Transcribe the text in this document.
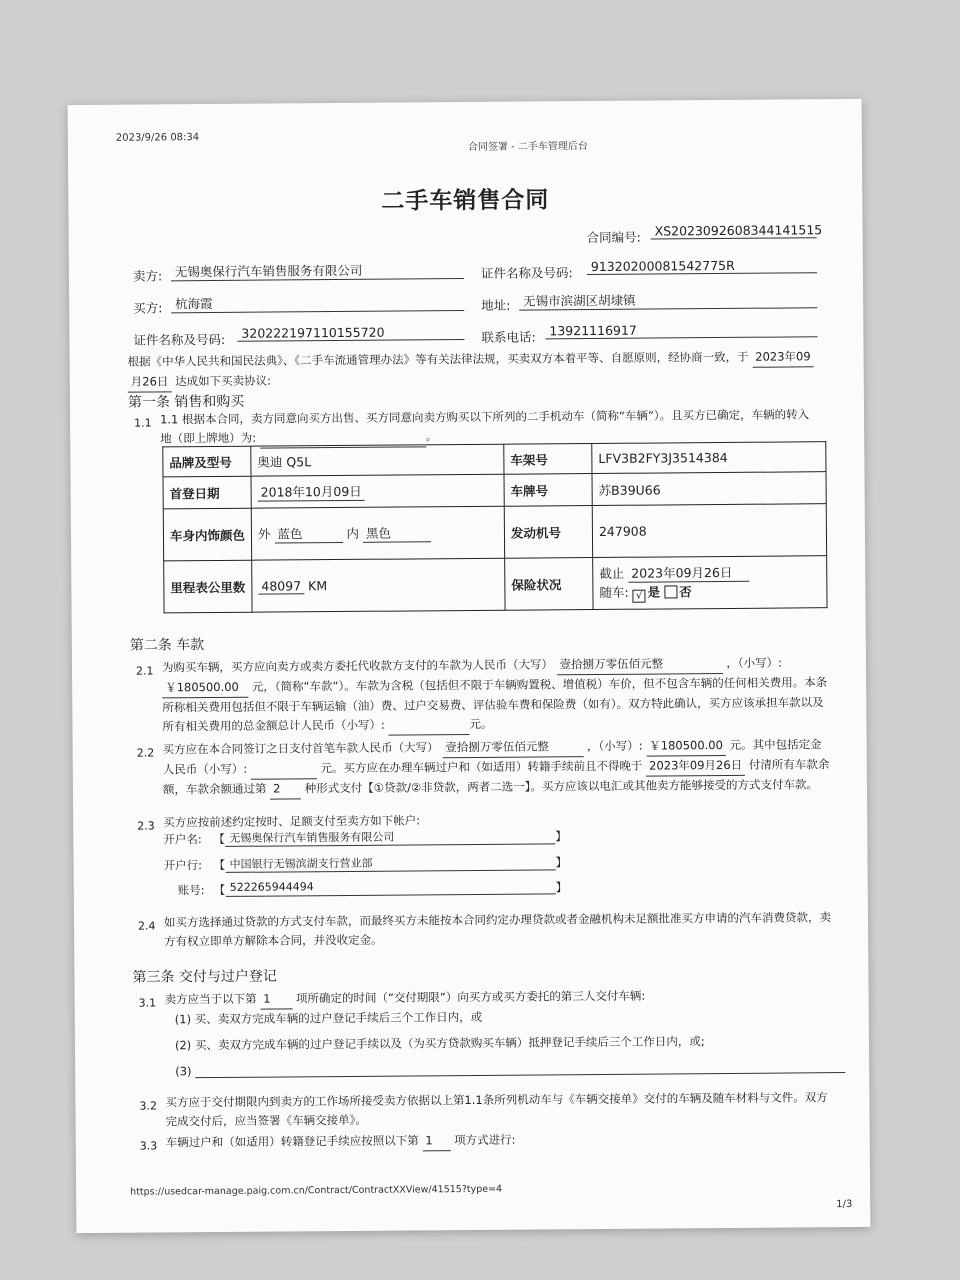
2023/9/26 08:34
合同签署 - 二手车管理后台
二手车销售合同
合同编号:	XS2023092608344141515
卖方:	无锡奥保行汽车销售服务有限公司	证件名称及号码:	91320200081542775R
买方:	杭海霞	地址:	无锡市滨湖区胡埭镇
证件名称及号码:	320222197110155720	联系电话:	13921116917
根据《中华人民共和国民法典》、《二手车流通管理办法》等有关法律法规，买卖双方本着平等、自愿原则，经协商一致，于 2023年09
月26日 达成如下买卖协议:
第一条 销售和购买
1.1 1.1 根据本合同，卖方同意向买方出售、买方同意向卖方购买以下所列的二手机动车（简称“车辆”）。且买方已确定，车辆的转入
地（即上牌地）为:	。
品牌及型号	奥迪 Q5L	车架号	LFV3B2FY3J3514384
首登日期	2018年10月09日	车牌号	苏B39U66
车身内饰颜色	外 蓝色 内 黑色	发动机号	247908
里程表公里数	48097 KM	保险状况	截止 2023年09月26日
随车: √ 是 否
第二条 车款
2.1 为购买车辆，买方应向卖方或卖方委托代收款方支付的车款为人民币（大写） 壹拾捌万零伍佰元整	，（小写）: ￥180500.00 元，（简称“车款”）。车款为含税（包括但不限于车辆购置税、增值税）车价，但不包含车辆的任何相关费用。本条所称相关费用包括但不限于车辆运输（油）费、过户交易费、评估验车费和保险费（如有）。双方特此确认，买方应该承担车款以及所有相关费用的总金额总计人民币（小写）:	元。
2.2 买方应在本合同签订之日支付首笔车款人民币（大写） 壹拾捌万零伍佰元整	，（小写）: ￥180500.00 元。其中包括定金人民币（小写）:	元。买方应在办理车辆过户和（如适用）转籍手续前且不得晚于 2023年09月26日 付清所有车款余额，车款余额通过第 2 种形式支付【①贷款/②非贷款，两者二选一】。买方应该以电汇或其他卖方能够接受的方式支付车款。
2.3 买方应按前述约定按时、足额支付至卖方如下帐户:
开户名: 【 无锡奥保行汽车销售服务有限公司	】
开户行: 【 中国银行无锡滨湖支行营业部	】
账号: 【 522265944494	】
2.4 如买方选择通过贷款的方式支付车款，而最终买方未能按本合同约定办理贷款或者金融机构未足额批准买方申请的汽车消费贷款，卖方有权立即单方解除本合同，并没收定金。
第三条 交付与过户登记
3.1 卖方应当于以下第 1 项所确定的时间（“交付期限”）向买方或买方委托的第三人交付车辆:
(1) 买、卖双方完成车辆的过户登记手续后三个工作日内，或
(2) 买、卖双方完成车辆的过户登记手续以及（为买方贷款购买车辆）抵押登记手续后三个工作日内，或;
(3)
3.2 买方应于交付期限内到卖方的工作场所接受卖方依据以上第1.1条所列机动车与《车辆交接单》交付的车辆及随车材料与文件。双方完成交付后，应当签署《车辆交接单》。
3.3 车辆过户和（如适用）转籍登记手续应按照以下第 1 项方式进行:
https://usedcar-manage.paig.com.cn/Contract/ContractXXView/41515?type=4
1/3
